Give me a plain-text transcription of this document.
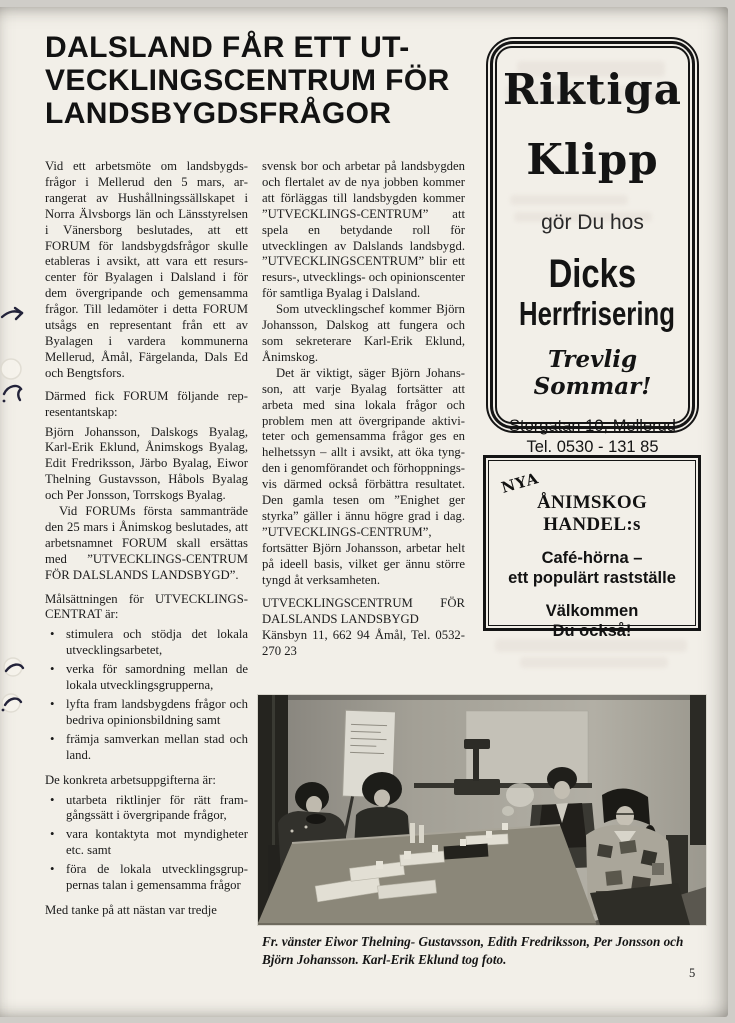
DALSLAND FÅR ETT UT-
VECKLINGSCENTRUM FÖR
LANDSBYGDSFRÅGOR

Vid ett arbetsmöte om landsbygdsfrågor i Mellerud den 5 mars, arrangerat av Hushållningssällskapet i Norra Älvsborgs län och Länsstyrelsen i Vänersborg beslutades, att ett FORUM för landsbygdsfrågor skulle etableras i avsikt, att vara ett resurscenter för Byalagen i Dalsland i för dem övergripande och gemensamma frågor. Till ledamöter i detta FORUM utsågs en representant från ett av Byalagen i vardera kommunerna Mellerud, Åmål, Färgelanda, Dals Ed och Bengtsfors.

Därmed fick FORUM följande representantskap:

Björn Johansson, Dalskogs Byalag, Karl-Erik Eklund, Ånimskogs Byalag, Edit Fredriksson, Järbo Byalag, Eiwor Thelning Gustavsson, Håbols Byalag och Per Jonsson, Torrskogs Byalag.

Vid FORUMs första sammanträde den 25 mars i Ånimskog beslutades, att arbetsnamnet FORUM skall ersättas med ”UTVECKLINGS-CENTRUM FÖR DALSLANDS LANDSBYGD”.

Målsättningen för UTVECKLINGS-CENTRAT är:

• stimulera och stödja det lokala utvecklingsarbetet,
• verka för samordning mellan de lokala utvecklingsgrupperna,
• lyfta fram landsbygdens frågor och bedriva opinionsbildning samt
• främja samverkan mellan stad och land.

De konkreta arbetsuppgifterna är:

• utarbeta riktlinjer för rätt framgångssätt i övergripande frågor,
• vara kontaktyta mot myndigheter etc. samt
• föra de lokala utvecklingsgruppernas talan i gemensamma frågor

Med tanke på att nästan var tredje

svensk bor och arbetar på landsbygden och flertalet av de nya jobben kommer att förläggas till landsbygden kommer ”UTVECKLINGS-CENTRUM” att spela en betydande roll för utvecklingen av Dalslands landsbygd. ”UTVECKLINGSCENTRUM” blir ett resurs-, utvecklings- och opinionscenter för samtliga Byalag i Dalsland.

Som utvecklingschef kommer Björn Johansson, Dalskog att fungera och som sekreterare Karl-Erik Eklund, Ånimskog.

Det är viktigt, säger Björn Johansson, att varje Byalag fortsätter att arbeta med sina lokala frågor och problem men att övergripande aktiviteter och gemensamma frågor ges en helhetssyn – allt i avsikt, att öka tyngden i genomförandet och förhoppningsvis därmed också förbättra resultatet. Den gamla tesen om ”Enighet ger styrka” gäller i ännu högre grad i dag. ”UTVECKLINGS-CENTRUM”, fortsätter Björn Johansson, arbetar helt på ideell basis, vilket ger ännu större tyngd åt verksamheten.

UTVECKLINGSCENTRUM FÖR DALSLANDS LANDSBYGD

Känsbyn 11, 662 94 Åmål, Tel. 0532-270 23

Riktiga
Klipp
gör Du hos
Dicks
Herrfrisering
Trevlig Sommar!
Storgatan 10, Mellerud
Tel. 0530 - 131 85
NYA
ÅNIMSKOG HANDEL:s
Café-hörna –
ett populärt rastställe
Välkommen
Du också!
Fr. vänster Eiwor Thelning- Gustavsson, Edith Fredriksson, Per Jonsson och Björn Johansson. Karl-Erik Eklund tog foto.
5
